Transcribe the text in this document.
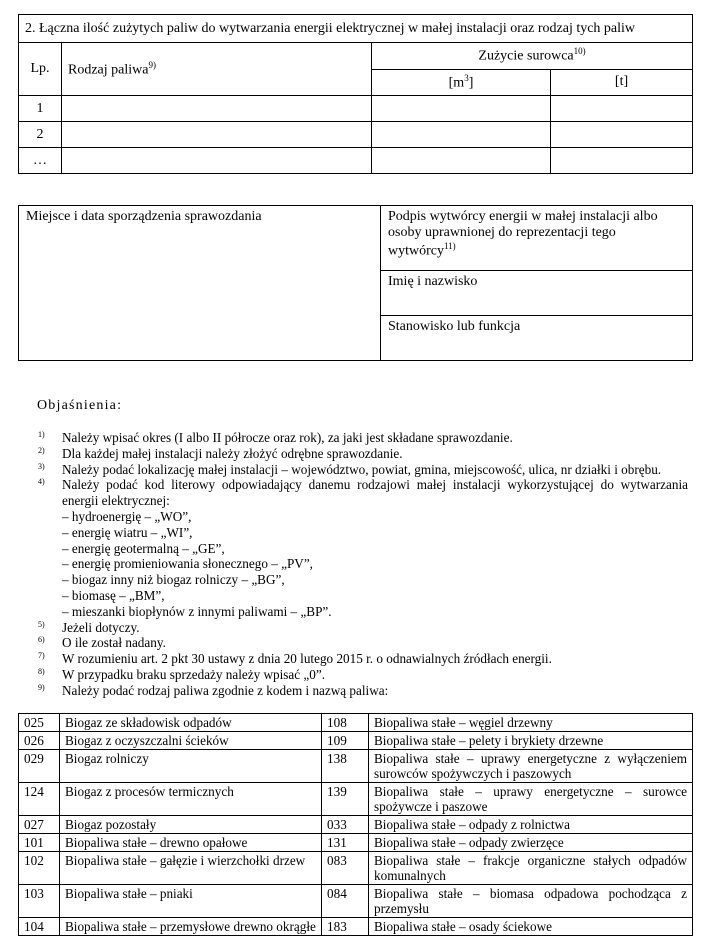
2. Łączna ilość zużytych paliw do wytwarzania energii elektrycznej w małej instalacji oraz rodzaj tych paliw			
Lp.	Rodzaj paliwa$^{9)}$	Zużycie surowca$^{10)}$
		$[m^3]$	[t]
1			
2			
…			
Miejsce i data sporządzenia sprawozdania	Podpis wytwórcy energii w małej instalacji albo osoby uprawnionej do reprezentacji tego wytwórcy$^{11)}$
Imię i nazwisko
Stanowisko lub funkcja
Objaśnienia:
1) Należy wpisać okres (I albo II półrocze oraz rok), za jaki jest składane sprawozdanie.
2) Dla każdej małej instalacji należy złożyć odrębne sprawozdanie.
3) Należy podać lokalizację małej instalacji – województwo, powiat, gmina, miejscowość, ulica, nr działki i obrębu.
4) Należy podać kod literowy odpowiadający danemu rodzajowi małej instalacji wykorzystującej do wytwarzania energii elektrycznej:
– hydroenergię – „WO”,
– energię wiatru – „WI”,
– energię geotermalną – „GE”,
– energię promieniowania słonecznego – „PV”,
– biogaz inny niż biogaz rolniczy – „BG”,
– biomasę – „BM”,
– mieszanki biopłynów z innymi paliwami – „BP”.
5) Jeżeli dotyczy.
6) O ile został nadany.
7) W rozumieniu art. 2 pkt 30 ustawy z dnia 20 lutego 2015 r. o odnawialnych źródłach energii.
8) W przypadku braku sprzedaży należy wpisać „0”.
9) Należy podać rodzaj paliwa zgodnie z kodem i nazwą paliwa:
025	Biogaz ze składowisk odpadów	108	Biopaliwa stałe – węgiel drzewny
026	Biogaz z oczyszczalni ścieków	109	Biopaliwa stałe – pelety i brykiety drzewne
029	Biogaz rolniczy	138	Biopaliwa stałe – uprawy energetyczne z wyłączeniem surowców spożywczych i paszowych
124	Biogaz z procesów termicznych	139	Biopaliwa stałe – uprawy energetyczne – surowce spożywcze i paszowe
027	Biogaz pozostały	033	Biopaliwa stałe – odpady z rolnictwa
101	Biopaliwa stałe – drewno opałowe	131	Biopaliwa stałe – odpady zwierzęce
102	Biopaliwa stałe – gałęzie i wierzchołki drzew	083	Biopaliwa stałe – frakcje organiczne stałych odpadów komunalnych
103	Biopaliwa stałe – pniaki	084	Biopaliwa stałe – biomasa odpadowa pochodząca z przemysłu
104	Biopaliwa stałe – przemysłowe drewno okrągłe	183	Biopaliwa stałe – osady ściekowe
